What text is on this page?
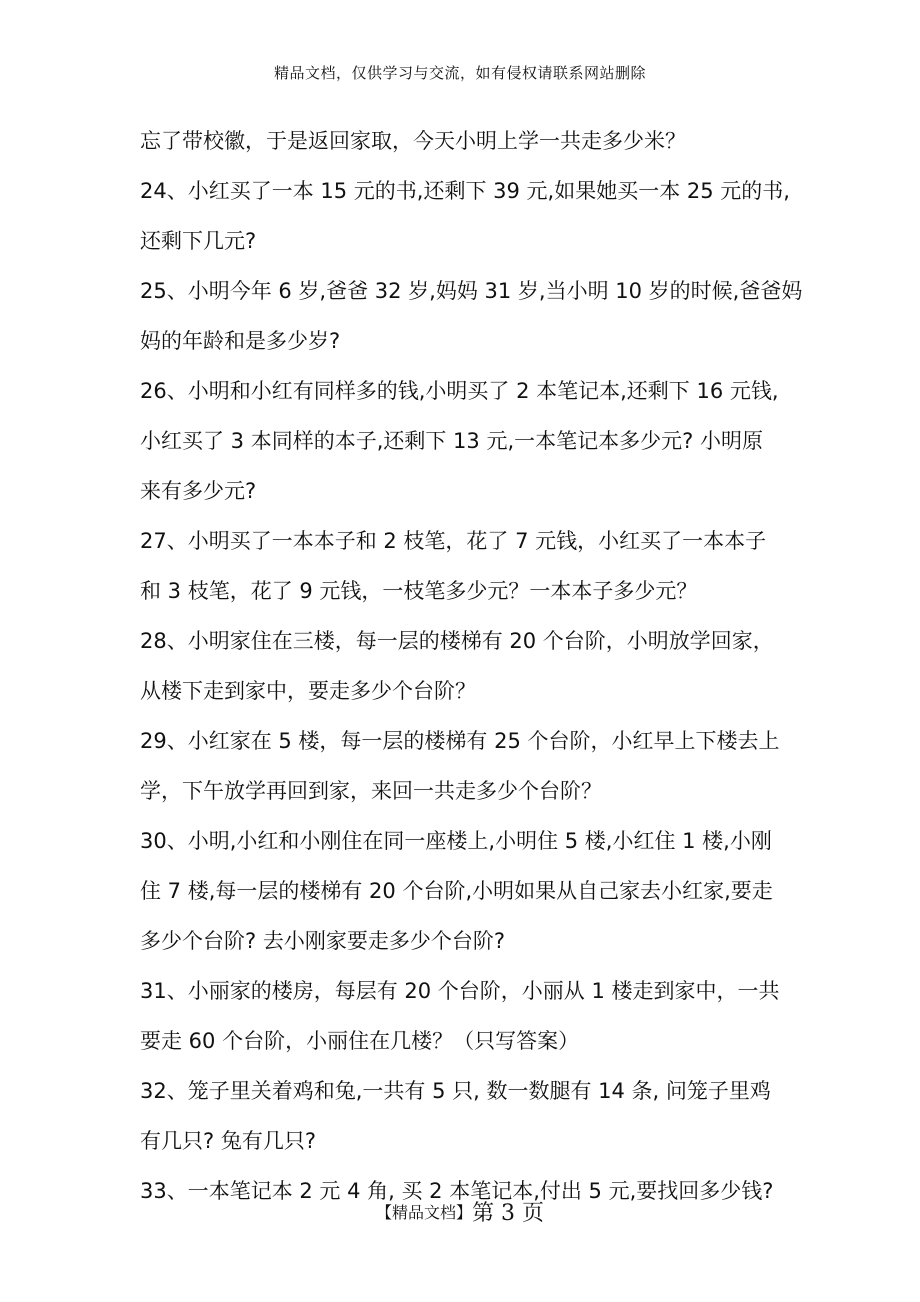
精品文档，仅供学习与交流，如有侵权请联系网站删除
忘了带校徽，于是返回家取，今天小明上学一共走多少米？
24、小红买了一本 15 元的书,还剩下 39 元,如果她买一本 25 元的书,
还剩下几元?
25、小明今年 6 岁,爸爸 32 岁,妈妈 31 岁,当小明 10 岁的时候,爸爸妈
妈的年龄和是多少岁?
26、小明和小红有同样多的钱,小明买了 2 本笔记本,还剩下 16 元钱,
小红买了 3 本同样的本子,还剩下 13 元,一本笔记本多少元? 小明原
来有多少元?
27、小明买了一本本子和 2 枝笔，花了 7 元钱，小红买了一本本子
和 3 枝笔，花了 9 元钱，一枝笔多少元？一本本子多少元？
28、小明家住在三楼，每一层的楼梯有 20 个台阶，小明放学回家，
从楼下走到家中，要走多少个台阶？
29、小红家在 5 楼，每一层的楼梯有 25 个台阶，小红早上下楼去上
学，下午放学再回到家，来回一共走多少个台阶？
30、小明,小红和小刚住在同一座楼上,小明住 5 楼,小红住 1 楼,小刚
住 7 楼,每一层的楼梯有 20 个台阶,小明如果从自己家去小红家,要走
多少个台阶? 去小刚家要走多少个台阶?
31、小丽家的楼房，每层有 20 个台阶，小丽从 1 楼走到家中，一共
要走 60 个台阶，小丽住在几楼？（只写答案）
32、笼子里关着鸡和兔,一共有 5 只, 数一数腿有 14 条, 问笼子里鸡
有几只? 兔有几只?
33、一本笔记本 2 元 4 角, 买 2 本笔记本,付出 5 元,要找回多少钱?
【精品文档】第 3 页
